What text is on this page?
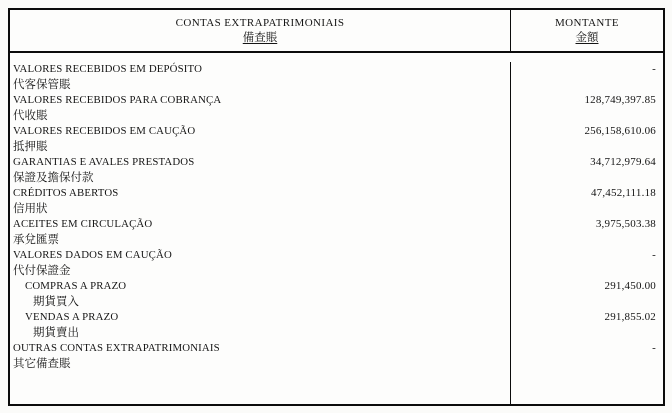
CONTAS EXTRAPATRIMONIAIS
備查賬
MONTANTE
金額
VALORES RECEBIDOS EM DEPÓSITO
代客保管賬
-
VALORES RECEBIDOS PARA COBRANÇA
代收賬
128,749,397.85
VALORES RECEBIDOS EM CAUÇÃO
抵押賬
256,158,610.06
GARANTIAS E AVALES PRESTADOS
保證及擔保付款
34,712,979.64
CRÉDITOS ABERTOS
信用狀
47,452,111.18
ACEITES EM CIRCULAÇÃO
承兌匯票
3,975,503.38
VALORES DADOS EM CAUÇÃO
代付保證金
-
COMPRAS A PRAZO
期貨買入
291,450.00
VENDAS A PRAZO
期貨賣出
291,855.02
OUTRAS CONTAS EXTRAPATRIMONIAIS
其它備查賬
-
